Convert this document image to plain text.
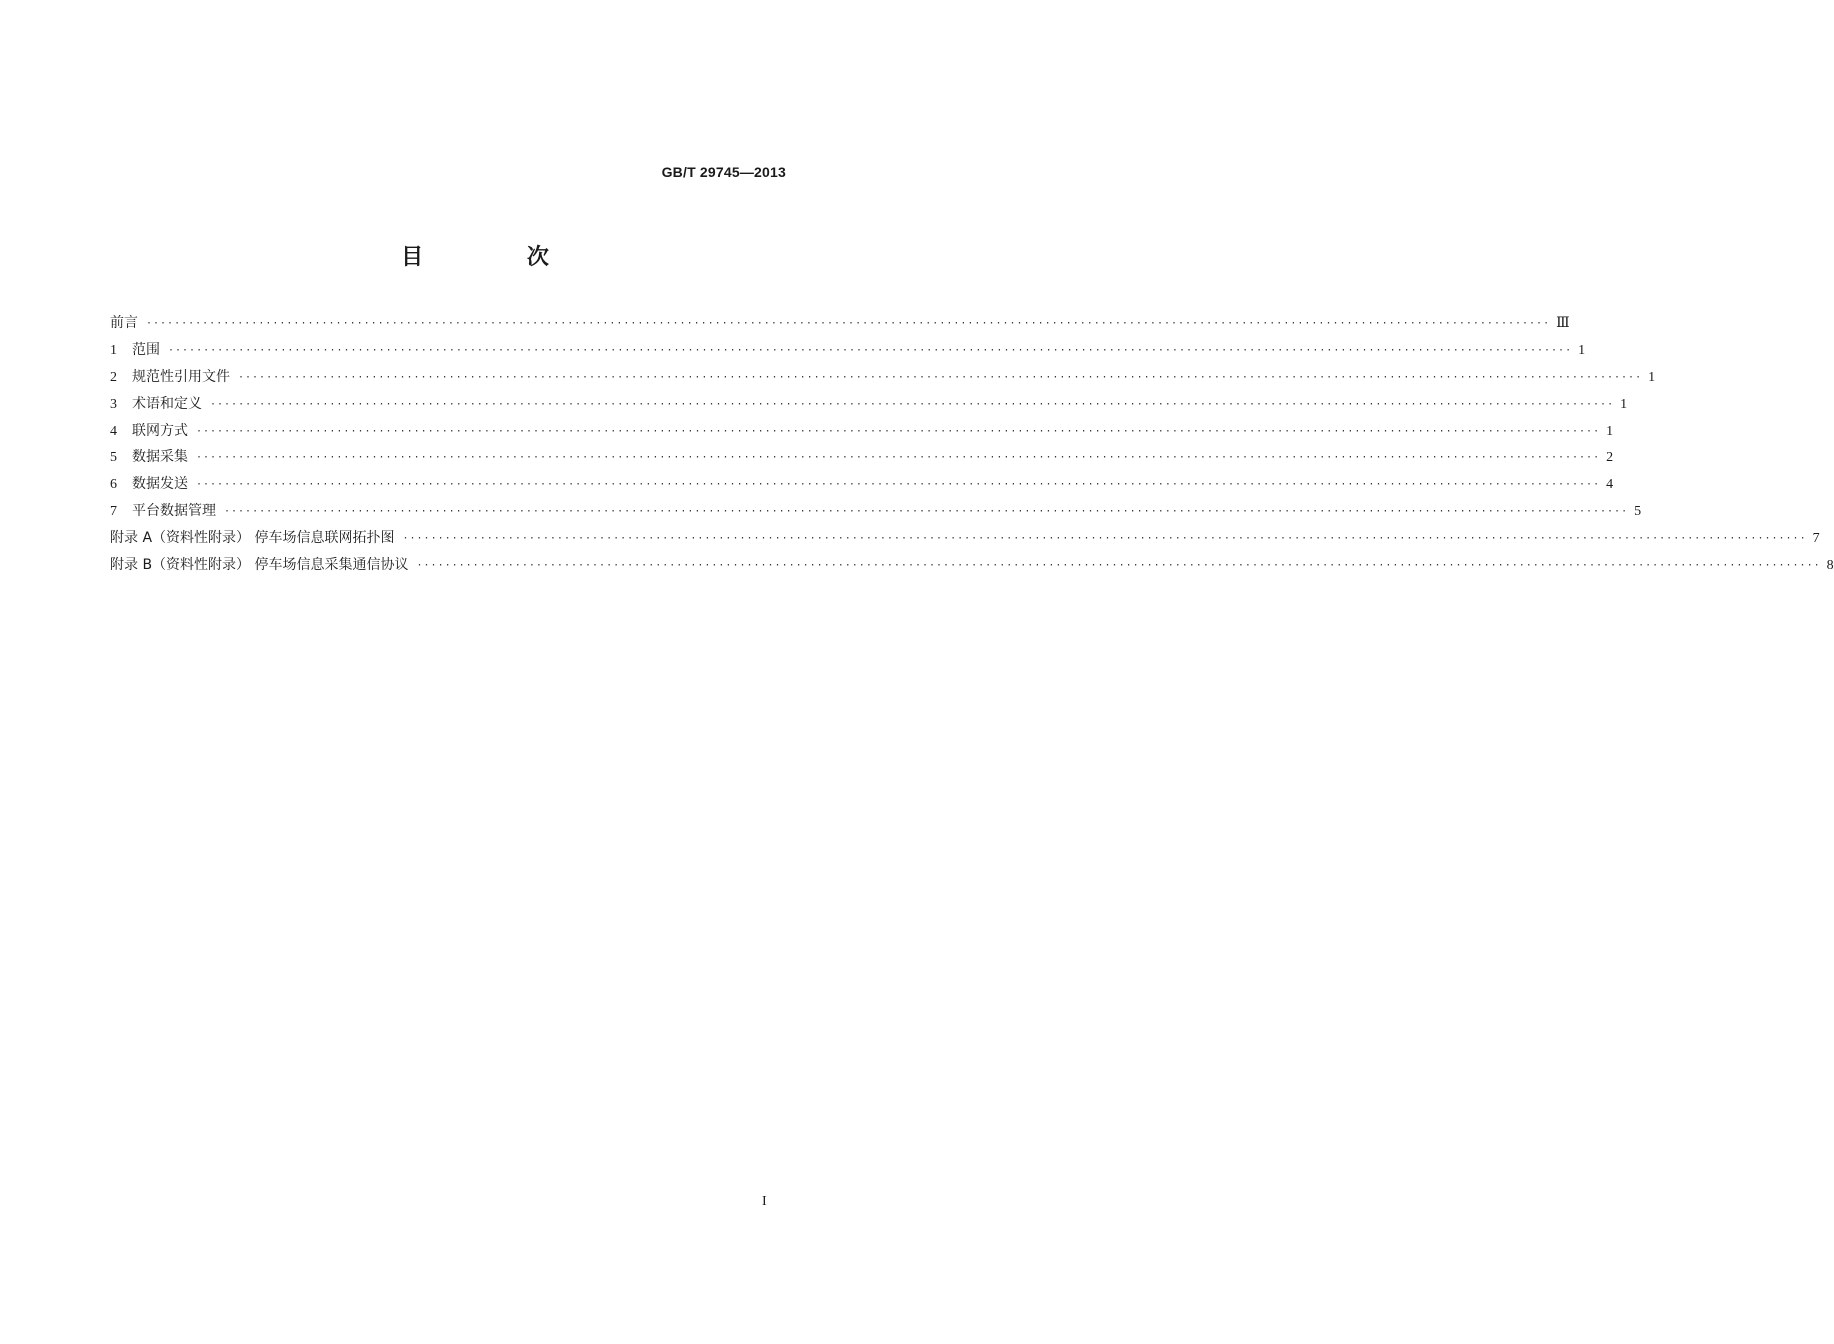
GB/T 29745—2013
目 次
前言 ········································································································································································································ Ⅲ
1	范围 ········································································································································································································ 1
2	规范性引用文件 ········································································································································································································ 1
3	术语和定义 ········································································································································································································ 1
4	联网方式 ········································································································································································································ 1
5	数据采集 ········································································································································································································ 2
6	数据发送 ········································································································································································································ 4
7	平台数据管理 ········································································································································································································ 5
附录 A（资料性附录） 停车场信息联网拓扑图 ········································································································································································································ 7
附录 B（资料性附录） 停车场信息采集通信协议 ········································································································································································································ 8
I
